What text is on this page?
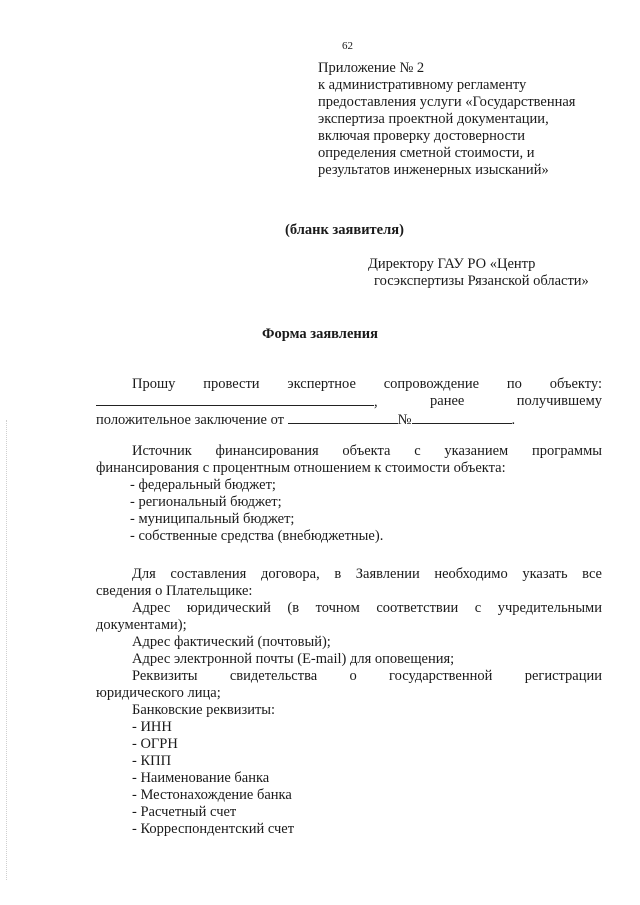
62
Приложение № 2
к административному регламенту
предоставления услуги «Государственная
экспертиза проектной документации,
включая проверку достоверности
определения сметной стоимости, и
результатов инженерных изысканий»
(бланк заявителя)
Директору ГАУ РО «Центр
госэкспертизы Рязанской области»
Форма заявления
Прошу провести экспертное сопровождение по объекту:
,	ранее	получившему
положительное заключение от	№	.
Источник финансирования объекта с указанием программы
финансирования с процентным отношением к стоимости объекта:
- федеральный бюджет;
- региональный бюджет;
- муниципальный бюджет;
- собственные средства (внебюджетные).
Для составления договора, в Заявлении необходимо указать все
сведения о Плательщике:
Адрес юридический (в точном соответствии с учредительными
документами);
Адрес фактический (почтовый);
Адрес электронной почты (E-mail) для оповещения;
Реквизиты свидетельства о государственной регистрации
юридического лица;
Банковские реквизиты:
- ИНН
- ОГРН
- КПП
- Наименование банка
- Местонахождение банка
- Расчетный счет
- Корреспондентский счет
